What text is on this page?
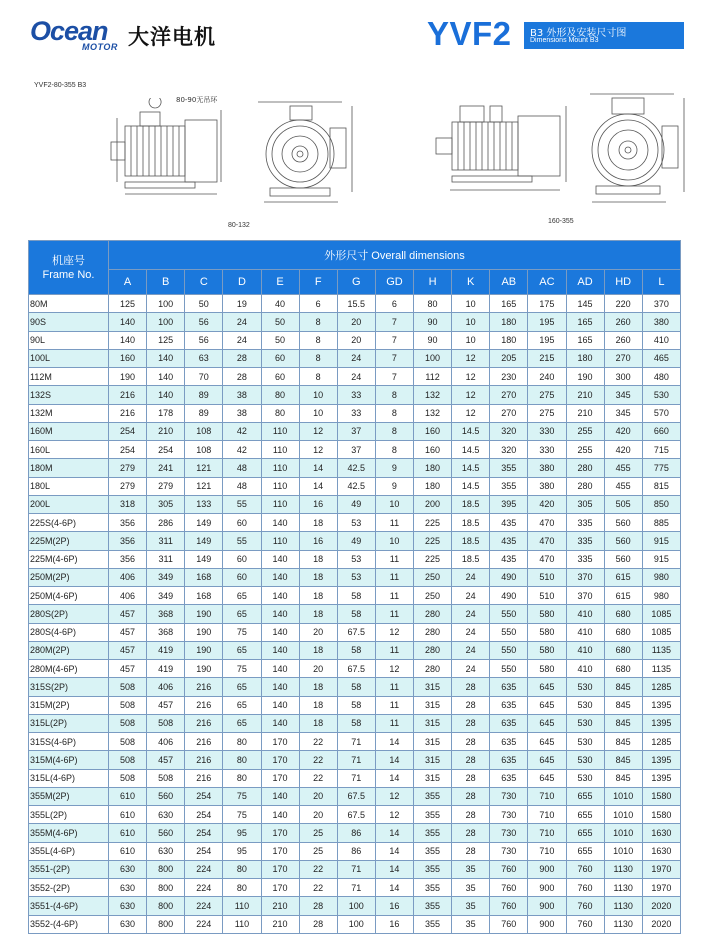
Ocean
MOTOR 大洋电机	YVF2 B3 外形及安装尺寸图
Dimensions Mount B3
YVF2-80-355 B3
80-90无吊环
80-132
160-355
机座号
Frame No.	外形尺寸 Overall dimensions														
	A	B	C	D	E	F	G	GD	H	K	AB	AC	AD	HD	L
80M	125	100	50	19	40	6	15.5	6	80	10	165	175	145	220	370
90S	140	100	56	24	50	8	20	7	90	10	180	195	165	260	380
90L	140	125	56	24	50	8	20	7	90	10	180	195	165	260	410
100L	160	140	63	28	60	8	24	7	100	12	205	215	180	270	465
112M	190	140	70	28	60	8	24	7	112	12	230	240	190	300	480
132S	216	140	89	38	80	10	33	8	132	12	270	275	210	345	530
132M	216	178	89	38	80	10	33	8	132	12	270	275	210	345	570
160M	254	210	108	42	110	12	37	8	160	14.5	320	330	255	420	660
160L	254	254	108	42	110	12	37	8	160	14.5	320	330	255	420	715
180M	279	241	121	48	110	14	42.5	9	180	14.5	355	380	280	455	775
180L	279	279	121	48	110	14	42.5	9	180	14.5	355	380	280	455	815
200L	318	305	133	55	110	16	49	10	200	18.5	395	420	305	505	850
225S(4-6P)	356	286	149	60	140	18	53	11	225	18.5	435	470	335	560	885
225M(2P)	356	311	149	55	110	16	49	10	225	18.5	435	470	335	560	915
225M(4-6P)	356	311	149	60	140	18	53	11	225	18.5	435	470	335	560	915
250M(2P)	406	349	168	60	140	18	53	11	250	24	490	510	370	615	980
250M(4-6P)	406	349	168	65	140	18	58	11	250	24	490	510	370	615	980
280S(2P)	457	368	190	65	140	18	58	11	280	24	550	580	410	680	1085
280S(4-6P)	457	368	190	75	140	20	67.5	12	280	24	550	580	410	680	1085
280M(2P)	457	419	190	65	140	18	58	11	280	24	550	580	410	680	1135
280M(4-6P)	457	419	190	75	140	20	67.5	12	280	24	550	580	410	680	1135
315S(2P)	508	406	216	65	140	18	58	11	315	28	635	645	530	845	1285
315M(2P)	508	457	216	65	140	18	58	11	315	28	635	645	530	845	1395
315L(2P)	508	508	216	65	140	18	58	11	315	28	635	645	530	845	1395
315S(4-6P)	508	406	216	80	170	22	71	14	315	28	635	645	530	845	1285
315M(4-6P)	508	457	216	80	170	22	71	14	315	28	635	645	530	845	1395
315L(4-6P)	508	508	216	80	170	22	71	14	315	28	635	645	530	845	1395
355M(2P)	610	560	254	75	140	20	67.5	12	355	28	730	710	655	1010	1580
355L(2P)	610	630	254	75	140	20	67.5	12	355	28	730	710	655	1010	1580
355M(4-6P)	610	560	254	95	170	25	86	14	355	28	730	710	655	1010	1630
355L(4-6P)	610	630	254	95	170	25	86	14	355	28	730	710	655	1010	1630
3551-(2P)	630	800	224	80	170	22	71	14	355	35	760	900	760	1130	1970
3552-(2P)	630	800	224	80	170	22	71	14	355	35	760	900	760	1130	1970
3551-(4-6P)	630	800	224	110	210	28	100	16	355	35	760	900	760	1130	2020
3552-(4-6P)	630	800	224	110	210	28	100	16	355	35	760	900	760	1130	2020
